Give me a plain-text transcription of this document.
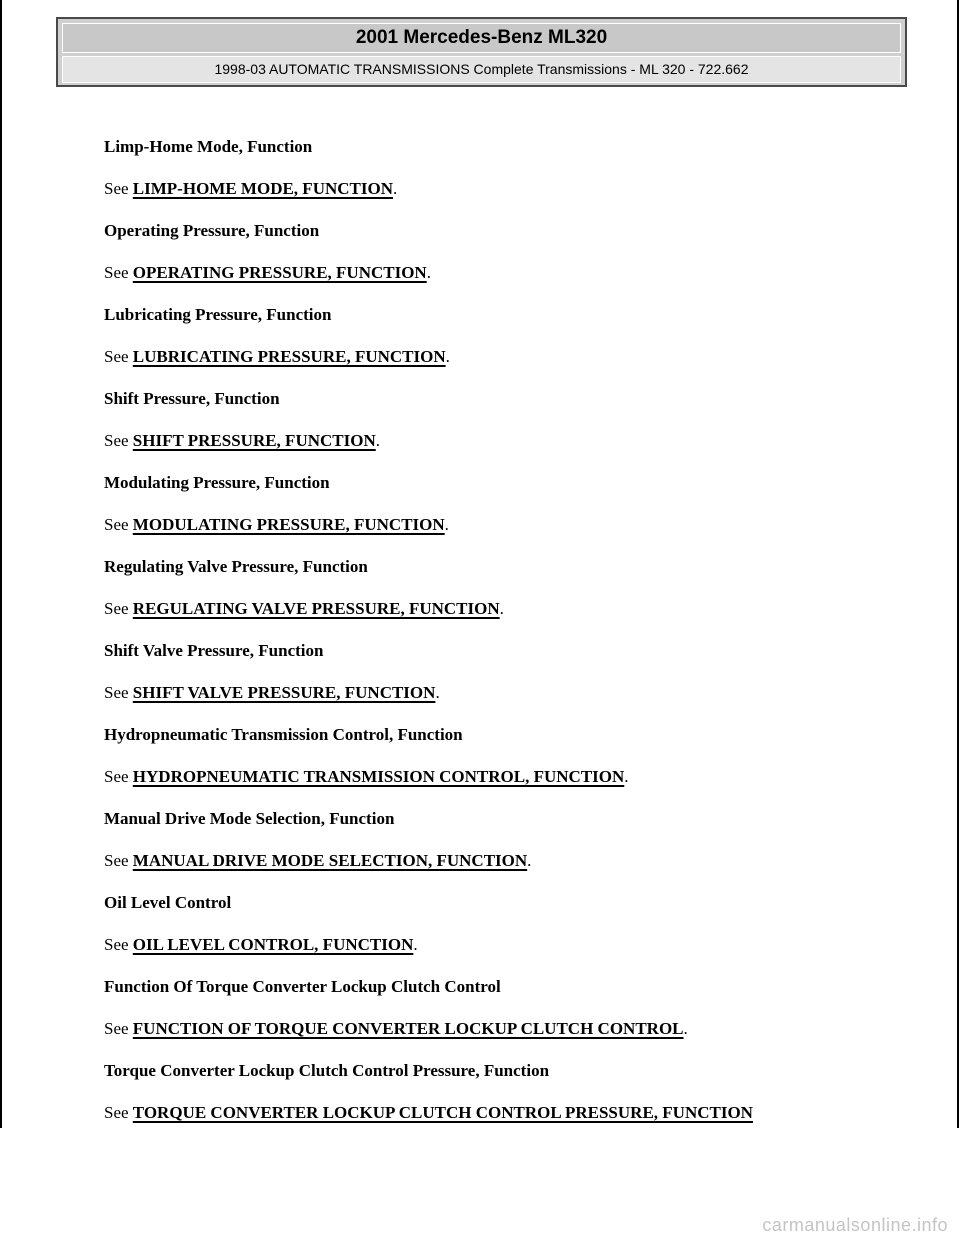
2001 Mercedes-Benz ML320
1998-03 AUTOMATIC TRANSMISSIONS Complete Transmissions - ML 320 - 722.662
Limp-Home Mode, Function
See LIMP-HOME MODE, FUNCTION.
Operating Pressure, Function
See OPERATING PRESSURE, FUNCTION.
Lubricating Pressure, Function
See LUBRICATING PRESSURE, FUNCTION.
Shift Pressure, Function
See SHIFT PRESSURE, FUNCTION.
Modulating Pressure, Function
See MODULATING PRESSURE, FUNCTION.
Regulating Valve Pressure, Function
See REGULATING VALVE PRESSURE, FUNCTION.
Shift Valve Pressure, Function
See SHIFT VALVE PRESSURE, FUNCTION.
Hydropneumatic Transmission Control, Function
See HYDROPNEUMATIC TRANSMISSION CONTROL, FUNCTION.
Manual Drive Mode Selection, Function
See MANUAL DRIVE MODE SELECTION, FUNCTION.
Oil Level Control
See OIL LEVEL CONTROL, FUNCTION.
Function Of Torque Converter Lockup Clutch Control
See FUNCTION OF TORQUE CONVERTER LOCKUP CLUTCH CONTROL.
Torque Converter Lockup Clutch Control Pressure, Function
See TORQUE CONVERTER LOCKUP CLUTCH CONTROL PRESSURE, FUNCTION
carmanualsonline.info
